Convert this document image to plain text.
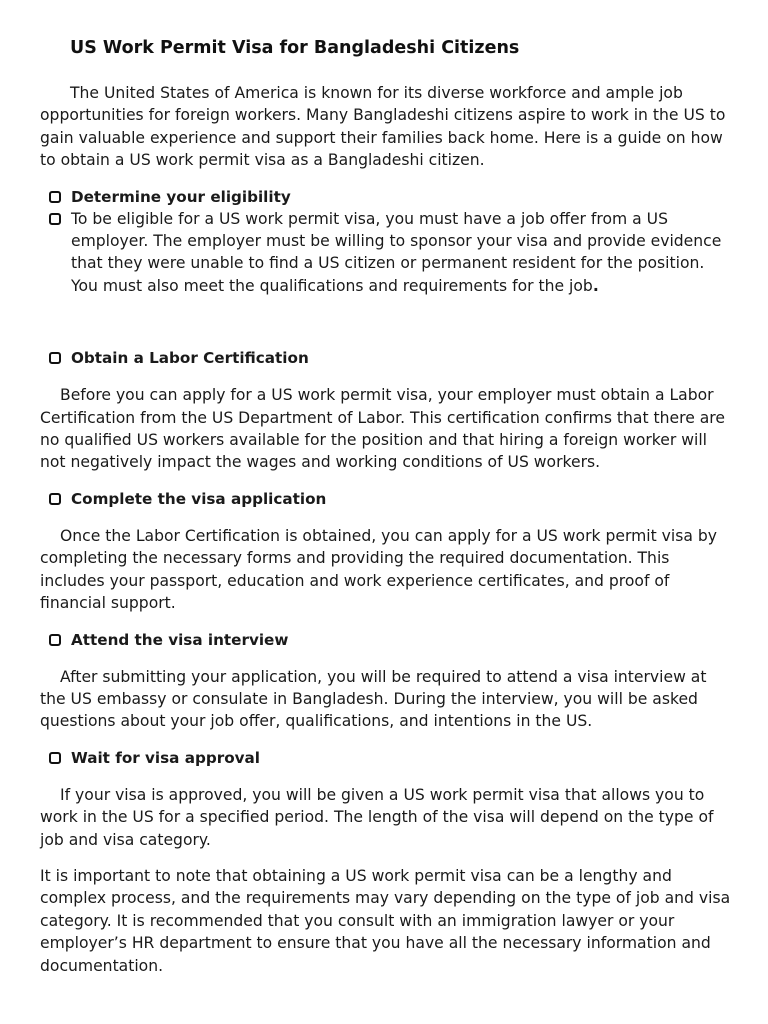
US Work Permit Visa for Bangladeshi Citizens

The United States of America is known for its diverse workforce and ample job opportunities for foreign workers. Many Bangladeshi citizens aspire to work in the US to gain valuable experience and support their families back home. Here is a guide on how to obtain a US work permit visa as a Bangladeshi citizen.

Determine your eligibility
To be eligible for a US work permit visa, you must have a job offer from a US employer. The employer must be willing to sponsor your visa and provide evidence that they were unable to find a US citizen or permanent resident for the position. You must also meet the qualifications and requirements for the job.
Obtain a Labor Certification

Before you can apply for a US work permit visa, your employer must obtain a Labor Certification from the US Department of Labor. This certification confirms that there are no qualified US workers available for the position and that hiring a foreign worker will not negatively impact the wages and working conditions of US workers.

Complete the visa application

Once the Labor Certification is obtained, you can apply for a US work permit visa by completing the necessary forms and providing the required documentation. This includes your passport, education and work experience certificates, and proof of financial support.

Attend the visa interview

After submitting your application, you will be required to attend a visa interview at the US embassy or consulate in Bangladesh. During the interview, you will be asked questions about your job offer, qualifications, and intentions in the US.

Wait for visa approval

If your visa is approved, you will be given a US work permit visa that allows you to work in the US for a specified period. The length of the visa will depend on the type of job and visa category.

It is important to note that obtaining a US work permit visa can be a lengthy and complex process, and the requirements may vary depending on the type of job and visa category. It is recommended that you consult with an immigration lawyer or your employer’s HR department to ensure that you have all the necessary information and documentation.
